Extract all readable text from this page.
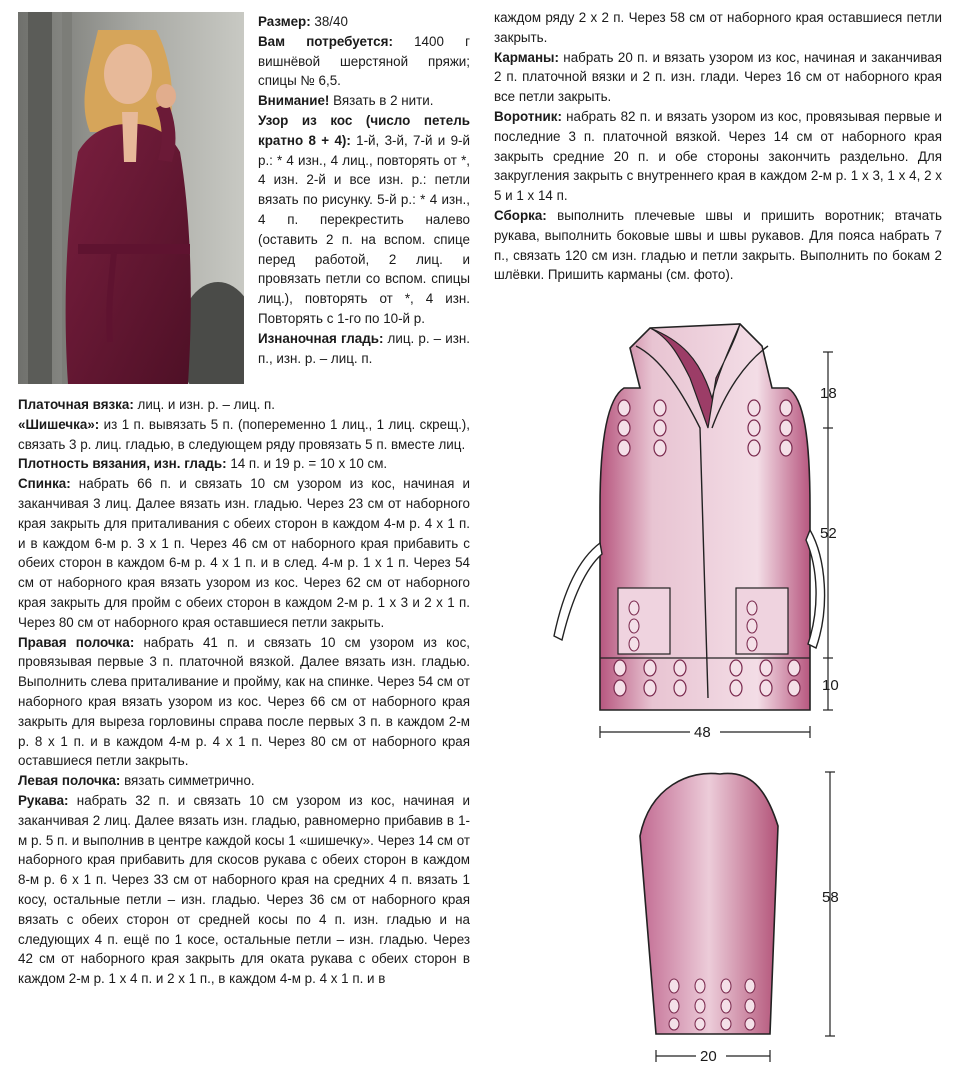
Размер: 38/40

Вам потребуется: 1400 г вишнёвой шерстяной пряжи; спицы № 6,5.

Внимание! Вязать в 2 нити.

Узор из кос (число петель кратно 8 + 4): 1-й, 3-й, 7-й и 9-й р.: * 4 изн., 4 лиц., повторять от *, 4 изн. 2-й и все изн. р.: петли вязать по рисунку. 5-й р.: * 4 изн., 4 п. перекрестить налево (оставить 2 п. на вспом. спице перед работой, 2 лиц. и провязать петли со вспом. спицы лиц.), повторять от *, 4 изн. Повторять с 1-го по 10-й р.

Изнаночная гладь: лиц. р. – изн. п., изн. р. – лиц. п.

Платочная вязка: лиц. и изн. р. – лиц. п.

«Шишечка»: из 1 п. вывязать 5 п. (попеременно 1 лиц., 1 лиц. скрещ.), связать 3 р. лиц. гладью, в следующем ряду провязать 5 п. вместе лиц.

Плотность вязания, изн. гладь: 14 п. и 19 р. = 10 х 10 см.

Спинка: набрать 66 п. и связать 10 см узором из кос, начиная и заканчивая 3 лиц. Далее вязать изн. гладью. Через 23 см от наборного края закрыть для приталивания с обеих сторон в каждом 4-м р. 4 х 1 п. и в каждом 6-м р. 3 х 1 п. Через 46 см от наборного края прибавить с обеих сторон в каждом 6-м р. 4 х 1 п. и в след. 4-м р. 1 х 1 п. Через 54 см от наборного края вязать узором из кос. Через 62 см от наборного края закрыть для пройм с обеих сторон в каждом 2-м р. 1 х 3 и 2 х 1 п. Через 80 см от наборного края оставшиеся петли закрыть.

Правая полочка: набрать 41 п. и связать 10 см узором из кос, провязывая первые 3 п. платочной вязкой. Далее вязать изн. гладью. Выполнить слева приталивание и пройму, как на спинке. Через 54 см от наборного края вязать узором из кос. Через 66 см от наборного края закрыть для выреза горловины справа после первых 3 п. в каждом 2-м р. 8 х 1 п. и в каждом 4-м р. 4 х 1 п. Через 80 см от наборного края оставшиеся петли закрыть.

Левая полочка: вязать симметрично.

Рукава: набрать 32 п. и связать 10 см узором из кос, начиная и заканчивая 2 лиц. Далее вязать изн. гладью, равномерно прибавив в 1-м р. 5 п. и выполнив в центре каждой косы 1 «шишечку». Через 14 см от наборного края прибавить для скосов рукава с обеих сторон в каждом 8-м р. 6 х 1 п. Через 33 см от наборного края на средних 4 п. вязать 1 косу, остальные петли – изн. гладью. Через 36 см от наборного края вязать с обеих сторон от средней косы по 4 п. изн. гладью и на следующих 4 п. ещё по 1 косе, остальные петли – изн. гладью. Через 42 см от наборного края закрыть для оката рукава с обеих сторон в каждом 2-м р. 1 х 4 п. и 2 х 1 п., в каждом 4-м р. 4 х 1 п. и в

каждом ряду 2 х 2 п. Через 58 см от наборного края оставшиеся петли закрыть.

Карманы: набрать 20 п. и вязать узором из кос, начиная и заканчивая 2 п. платочной вязки и 2 п. изн. глади. Через 16 см от наборного края все петли закрыть.

Воротник: набрать 82 п. и вязать узором из кос, провязывая первые и последние 3 п. платочной вязкой. Через 14 см от наборного края закрыть средние 20 п. и обе стороны закончить раздельно. Для закругления закрыть с внутреннего края в каждом 2-м р. 1 х 3, 1 х 4, 2 х 5 и 1 х 14 п.

Сборка: выполнить плечевые швы и пришить воротник; втачать рукава, выполнить боковые швы и швы рукавов. Для пояса набрать 7 п., связать 120 см изн. гладью и петли закрыть. Выполнить по бокам 2 шлёвки. Пришить карманы (см. фото).

18
52
10
48
58
20
